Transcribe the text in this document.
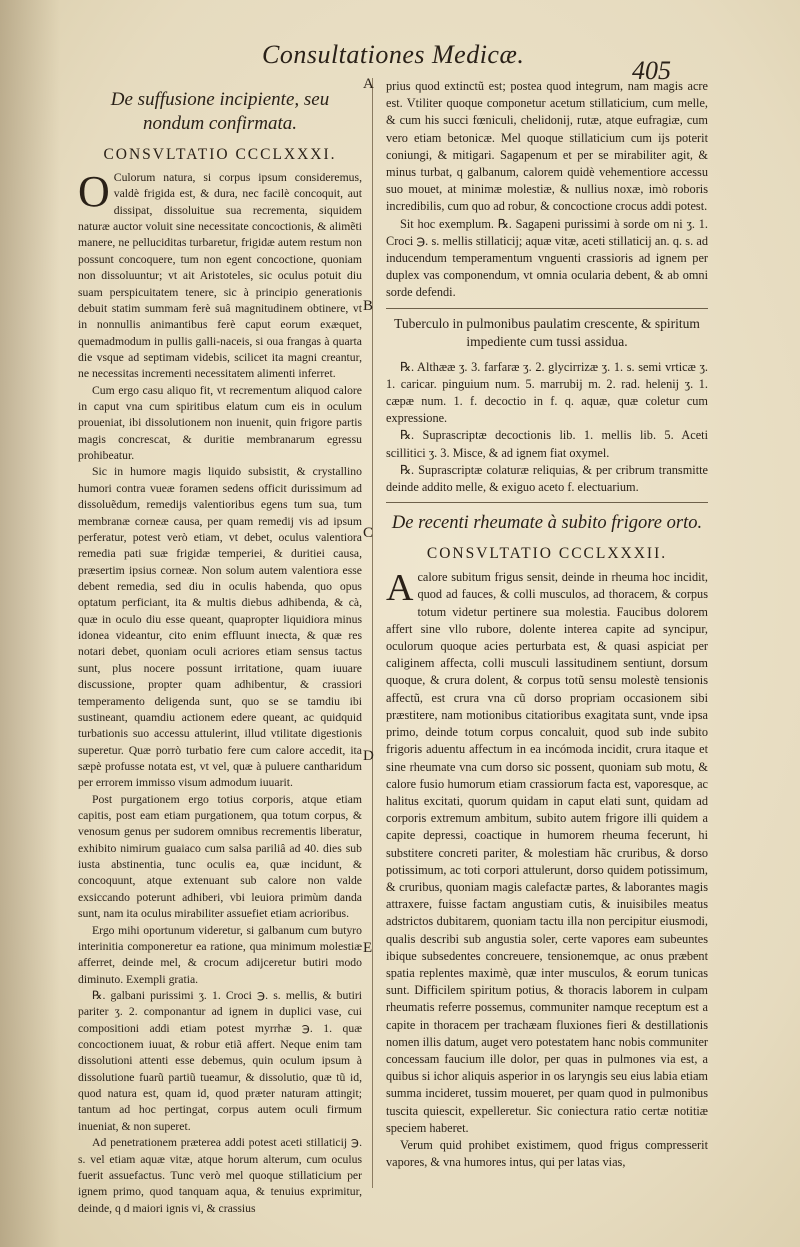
Consultationes Medicæ.
405
A
B
C
D
E
De suffusione incipiente, seu nondum confirmata.
CONSVLTATIO CCCLXXXI.

O Culorum natura, si corpus ipsum consideremus, valdè frigida est, & dura, nec facilè concoquit, aut dissipat, dissoluitue sua recrementa, siquidem naturæ auctor voluit sine necessitate concoctionis, & alimẽti manere, ne pelluciditas turbaretur, frigidæ autem restum non possunt concoquere, tum non egent concoctione, quoniam non dissoluuntur; vt ait Aristoteles, sic oculus potuit diu suam perspicuitatem tenere, sic à principio generationis debuit statim summam ferè suâ magnitudinem obtinere, vt in nonnullis animantibus ferè caput eorum exæquet, quemadmodum in pullis galli-naceis, si oua frangas à quarta die vsque ad septimam videbis, scilicet ita magni creantur, ne necessitas incrementi necessitatem alimenti inferret.

Cum ergo casu aliquo fit, vt recrementum aliquod calore in caput vna cum spiritibus elatum cum eis in oculum proueniat, ibi dissolutionem non inuenit, quin frigore partis magis concrescat, & duritie membranarum egressu prohibeatur.

Sic in humore magis liquido subsistit, & crystallino humori contra vueæ foramen sedens officit durissimum ad dissoluẽdum, remedijs valentioribus egens tum sua, tum membranæ corneæ causa, per quam remedij vis ad ipsum perferatur, potest verò etiam, vt debet, oculus valentiora remedia pati suæ frigidæ temperiei, & duritiei causa, præsertim ipsius corneæ. Non solum autem valentiora esse debent remedia, sed diu in oculis habenda, quo opus optatum perficiant, ita & multis diebus adhibenda, & cà, quæ in oculo diu esse queant, quapropter liquidiora minus idonea videantur, cito enim effluunt inιecta, & quæ res notari debet, quoniam oculi acriores etiam sensus tactus sunt, plus nocere possunt irritatione, quam iuuare discussione, propter quam adhibentur, & crassiori temperamento deligenda sunt, quo se se tamdiu ibi sustineant, quamdiu actionem edere queant, ac quidquid turbationis suo accessu attulerint, illud vtilitate digestionis superetur. Quæ porrò turbatio fere cum calore accedit, ita sæpè profusse notata est, vt vel, quæ à puluere cantharidum per errorem immisso visum admodum iuuarit.

Post purgationem ergo totius corporis, atque etiam capitis, post eam etiam purgationem, qua totum corpus, & venosum genus per sudorem omnibus recrementis liberatur, exhibito nimirum guaiaco cum salsa pariliâ ad 40. dies sub iusta abstinentia, tunc oculis ea, quæ incidunt, & concoquunt, atque extenuant sub calore non valde exsiccando poterunt adhiberi, vbi leuiora primùm danda sunt, nam ita oculus mirabiliter assuefiet etiam acrioribus.

Ergo mihi oportunum videretur, si galbanum cum butyro interinitia componeretur ea ratione, qua minimum molestiæ afferret, deinde mel, & crocum adijceretur butiri modo diminuto. Exempli gratia.

℞. galbani purissimi ʒ. 1. Croci ℈. s. mellis, & butiri pariter ʒ. 2. componantur ad ignem in duplici vase, cui compositioni addi etiam potest myrrhæ ℈. 1. quæ concoctionem iuuat, & robur etiã affert. Neque enim tam dissolutioni attenti esse debemus, quin oculum ipsum à dissolutione fuarũ partiũ tueamur, & dissolutio, quæ tũ id, quod natura est, quam id, quod præter naturam attingit; tantum ad hoc pertingat, corpus autem oculi firmum inueniat, & non superet.

Ad penetrationem præterea addi potest aceti stillaticij ℈. s. vel etiam aquæ vitæ, atque horum alterum, cum oculus fuerit assuefactus. Tunc verò mel quoque stillaticium per ignem primo, quod tanquam aqua, & tenuius exprimitur, deinde, q d maiori ignis vi, & crassius

prius quod extinctũ est; postea quod integrum, nam magis acre est. Vtiliter quoque componetur acetum stillaticium, cum melle, & cum his succi fœniculi, chelidonij, rutæ, atque eufragiæ, cum vero etiam betonicæ. Mel quoque stillaticium cum ijs poterit coniungi, & mitigari. Sagapenum et per se mirabiliter agit, & minus turbat, q galbanum, calorem quidè vehementiore accessu suo mouet, at minimæ molestiæ, & nullius noxæ, imò roboris incredibilis, cum quo ad robur, & concoctione crocus addi potest.

Sit hoc exemplum. ℞. Sagapeni purissimi à sorde om ni ʒ. 1. Croci ℈. s. mellis stillaticij; aquæ vitæ, aceti stillaticij an. q. s. ad inducendum temperamentum vnguenti crassioris ad ignem per duplex vas componendum, vt omnia ocularia debent, & ab omni sorde defendi.

Tuberculo in pulmonibus paulatim crescente, & spiritum impediente cum tussi assidua.

℞. Althææ ʒ. 3. farfaræ ʒ. 2. glycirrizæ ʒ. 1. s. semi vrticæ ʒ. 1. caricar. pinguium num. 5. marrubij m. 2. rad. helenij ʒ. 1. cæpæ num. 1. f. decoctio in f. q. aquæ, quæ coletur cum expressione.

℞. Suprascriptæ decoctionis lib. 1. mellis lib. 5. Aceti scillitici ʒ. 3. Misce, & ad ignem fiat oxymel.

℞. Suprascriptæ colaturæ reliquias, & per cribrum transmitte deinde addito melle, & exiguo aceto f. electuarium.

De recenti rheumate à subito frigore orto.
CONSVLTATIO CCCLXXXII.

Acalore subitum frigus sensit, deinde in rheuma hoc incidit, quod ad fauces, & colli musculos, ad thoracem, & corpus totum videtur pertinere sua molestia. Faucibus dolorem affert sine vllo rubore, dolente interea capite ad syncipur, oculorum quoque acies perturbata est, & quasi aspiciat per caliginem affecta, colli musculi lassitudinem sentiunt, dorsum quoque, & crura dolent, & corpus totũ sensu molestè tensionis affectũ, est crura vna cũ dorso propriam occasionem sibi præstitere, nam motionibus citatioribus exagitata sunt, vnde ipsa primo, deinde totum corpus concaluit, quod sub inde subito frigoris aduentu affectum in ea incómoda incidit, crura itaque et sine rheumate vna cum dorso sic possent, quoniam sub motu, & calore fusio humorum etiam crassiorum facta est, vaporesque, ac halitus excitati, quorum quidam in caput elati sunt, quidam ad corporis extremum ambitum, subito autem frigore illi quidem a capite depressi, coactique in humorem rheuma fecerunt, hi substitere concreti pariter, & molestiam hãc cruribus, & dorso potissimum, ac toti corpori attulerunt, dorso quidem potissimum, & cruribus, quoniam magis calefactæ partes, & laborantes magis attraxere, fuisse factam angustiam cutis, & inuisibiles meatus adstrictos dubitarem, quoniam tactu illa non percipitur eiusmodi, qualis describi sub angustia soler, certe vapores eam subeuntes ibique subsedentes concreuere, tensionemque, ac onus præbent spatia replentes maximè, quæ inter musculos, & eorum tunicas sunt. Difficilem spiritum potius, & thoracis laborem in culpam rheumatis referre possemus, communiter namque receptum est a capite in thoracem per trachæam fluxiones fieri & destillationis nomen illis datum, auget vero potestatem hanc nobis communiter concessam faucium ille dolor, per quas in pulmones via est, a quibus si ichor aliquis asperior in os laryngis seu eius labia etiam summa incideret, tussim moueret, per quam quod in pulmonibus tuscita quiescit, expelleretur. Sic coniectura ratio certæ notitiæ speciem haberet.

Verum quid prohibet existimem, quod frigus compresserit vapores, & vna humores intus, qui per latas vias,
